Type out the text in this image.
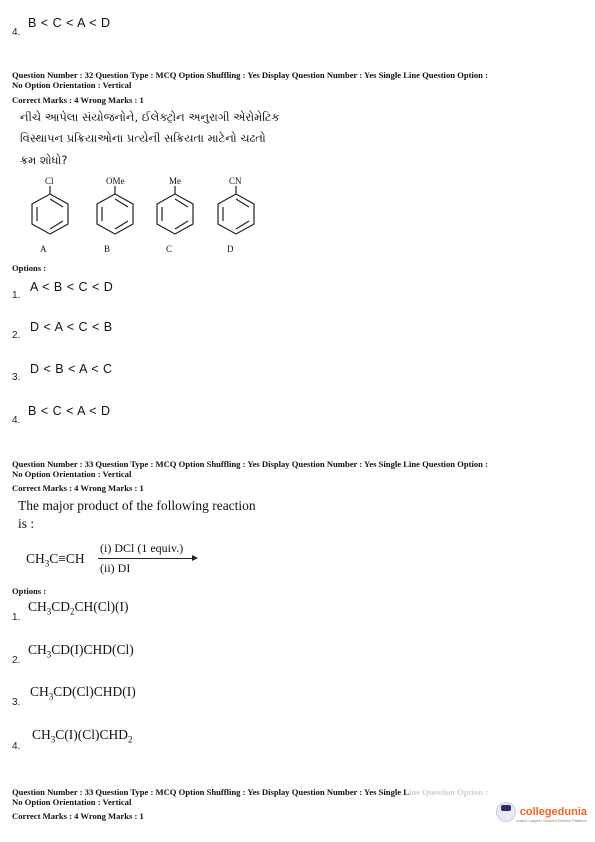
4.
B < C < A < D
Question Number : 32 Question Type : MCQ Option Shuffling : Yes Display Question Number : Yes Single Line Question Option :
No Option Orientation : Vertical
Correct Marks : 4 Wrong Marks : 1
નીચે આપેલા સંયોજનોને, ઈલેક્ટ્રોન અનુરાગી એરોમેટિક
વિસ્થાપન પ્રક્રિયાઓના પ્રત્યેની સક્રિયતા માટેનો ચઢતો
ક્રમ શોધો?
Cl
A
OMe
B
Me
C
CN
D
Options :
1.
A < B < C < D
2.
D < A < C < B
3.
D < B < A < C
4.
B < C < A < D
Question Number : 33 Question Type : MCQ Option Shuffling : Yes Display Question Number : Yes Single Line Question Option :
No Option Orientation : Vertical
Correct Marks : 4 Wrong Marks : 1
The major product of the following reaction
is :
$CH_3C\equiv CH$
(i) DCl (1 equiv.)
(ii) DI
Options :
1.
$CH_3CD_2CH(Cl)(I)$
2.
$CH_3CD(I)CHD(Cl)$
3.
$CH_3CD(Cl)CHD(I)$
4.
$CH_3C(I)(Cl)CHD_2$
Question Number : 33 Question Type : MCQ Option Shuffling : Yes Display Question Number : Yes Single Line Question Option :
No Option Orientation : Vertical
Correct Marks : 4 Wrong Marks : 1	collegedunia
India's Largest Student Review Platform
